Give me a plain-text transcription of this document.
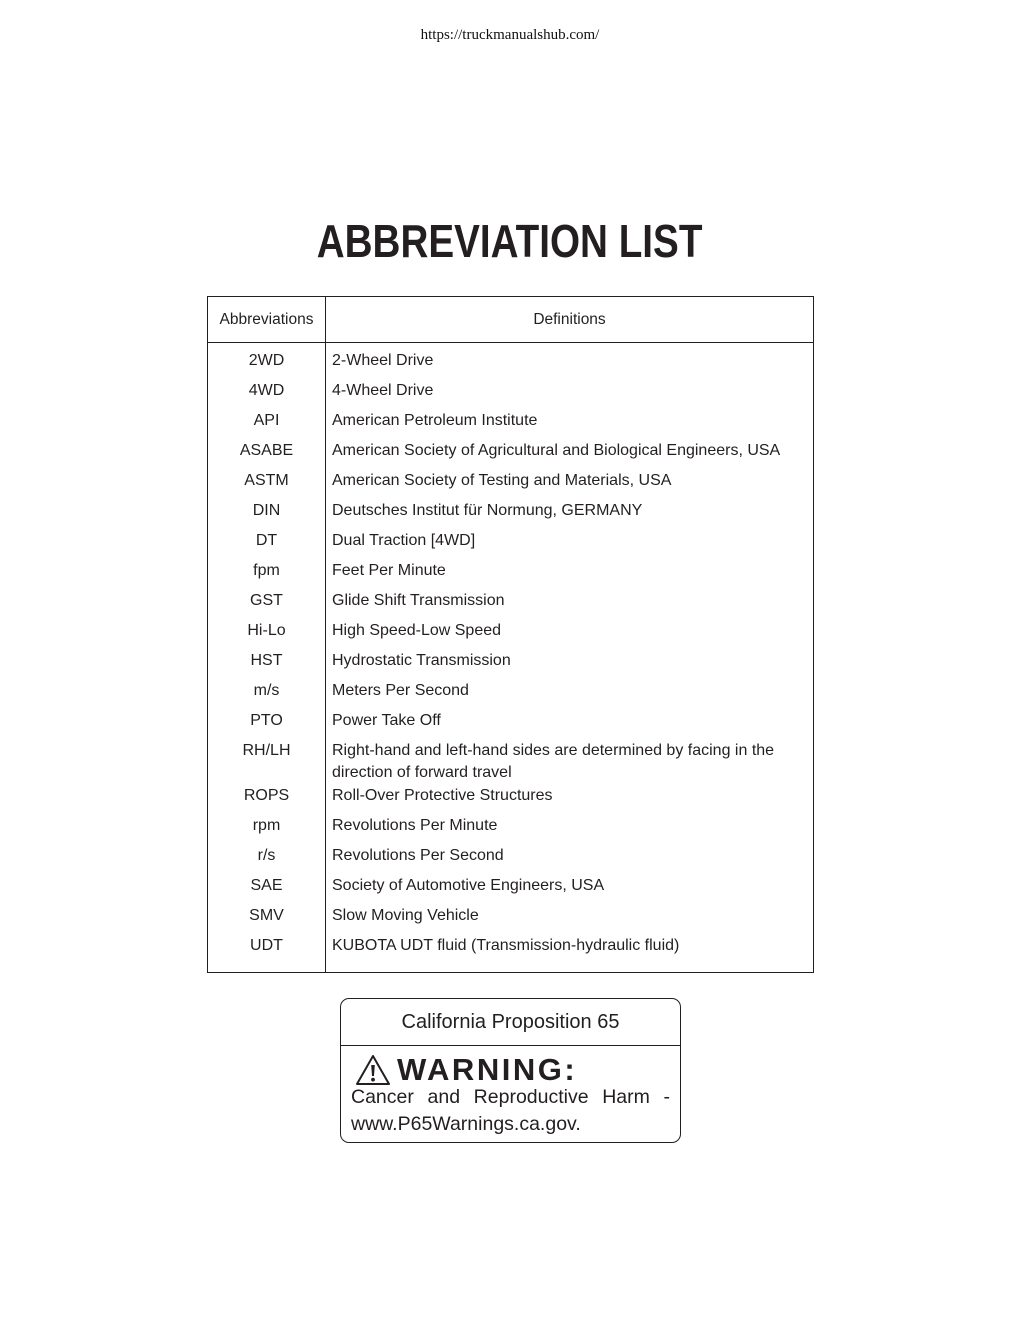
https://truckmanualshub.com/
ABBREVIATION LIST
Abbreviations	Definitions
2WD	2-Wheel Drive
4WD	4-Wheel Drive
API	American Petroleum Institute
ASABE	American Society of Agricultural and Biological Engineers, USA
ASTM	American Society of Testing and Materials, USA
DIN	Deutsches Institut für Normung, GERMANY
DT	Dual Traction [4WD]
fpm	Feet Per Minute
GST	Glide Shift Transmission
Hi-Lo	High Speed-Low Speed
HST	Hydrostatic Transmission
m/s	Meters Per Second
PTO	Power Take Off
RH/LH	Right-hand and left-hand sides are determined by facing in the
direction of forward travel
ROPS	Roll-Over Protective Structures
rpm	Revolutions Per Minute
r/s	Revolutions Per Second
SAE	Society of Automotive Engineers, USA
SMV	Slow Moving Vehicle
UDT	KUBOTA UDT fluid (Transmission-hydraulic fluid)
California Proposition 65
WARNING:
Cancer and Reproductive Harm -
www.P65Warnings.ca.gov.
